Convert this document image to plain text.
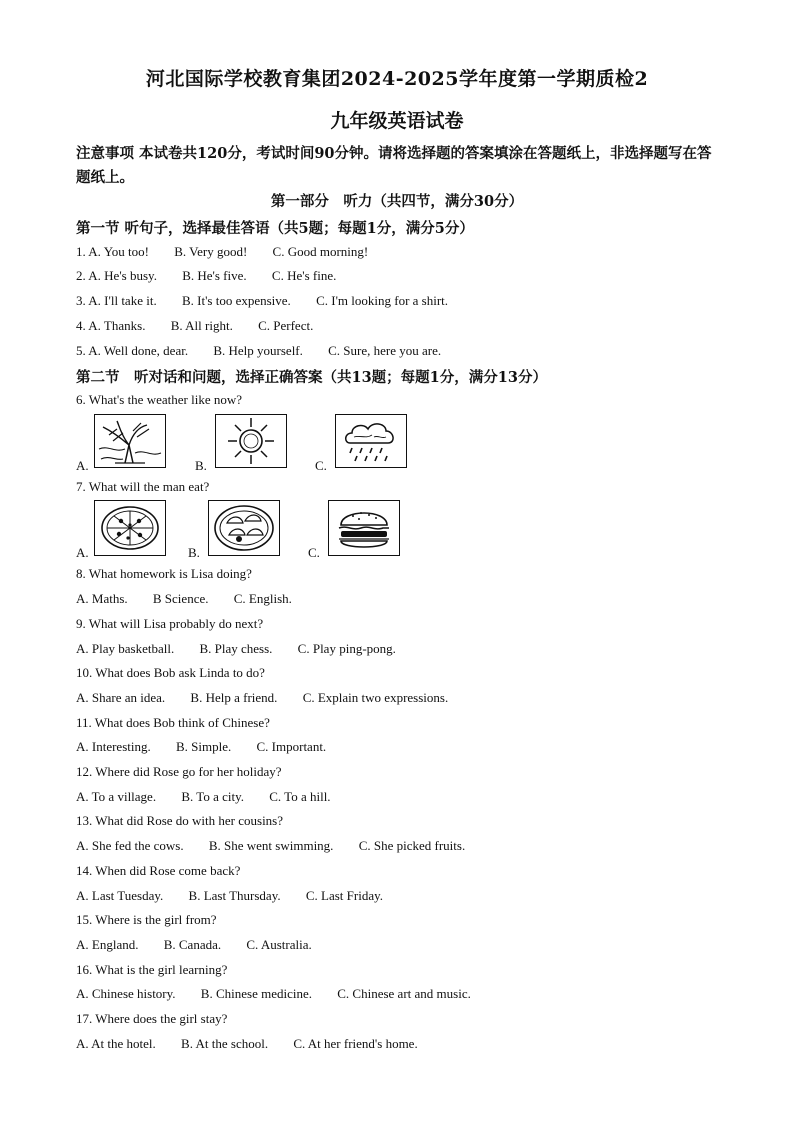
河北国际学校教育集团2024-2025学年度第一学期质检2
九年级英语试卷
注意事项 本试卷共120分，考试时间90分钟。请将选择题的答案填涂在答题纸上，非选择题写在答题纸上。
第一部分　听力（共四节，满分30分）
第一节 听句子，选择最佳答语（共5题；每题1分，满分5分）
1. A. You too! B. Very good! C. Good morning!
2. A. He's busy. B. He's five. C. He's fine.
3. A. I'll take it. B. It's too expensive. C. I'm looking for a shirt.
4. A. Thanks. B. All right. C. Perfect.
5. A. Well done, dear. B. Help yourself. C. Sure, here you are.
第二节　听对话和问题，选择正确答案（共13题；每题1分，满分13分）
6. What's the weather like now?
A.	B.	C.
7. What will the man eat?
A.	B.	C.
8. What homework is Lisa doing?
A. Maths. B Science. C. English.
9. What will Lisa probably do next?
A. Play basketball. B. Play chess. C. Play ping-pong.
10. What does Bob ask Linda to do?
A. Share an idea. B. Help a friend. C. Explain two expressions.
11. What does Bob think of Chinese?
A. Interesting. B. Simple. C. Important.
12. Where did Rose go for her holiday?
A. To a village. B. To a city. C. To a hill.
13. What did Rose do with her cousins?
A. She fed the cows. B. She went swimming. C. She picked fruits.
14. When did Rose come back?
A. Last Tuesday. B. Last Thursday. C. Last Friday.
15. Where is the girl from?
A. England. B. Canada. C. Australia.
16. What is the girl learning?
A. Chinese history. B. Chinese medicine. C. Chinese art and music.
17. Where does the girl stay?
A. At the hotel. B. At the school. C. At her friend's home.
